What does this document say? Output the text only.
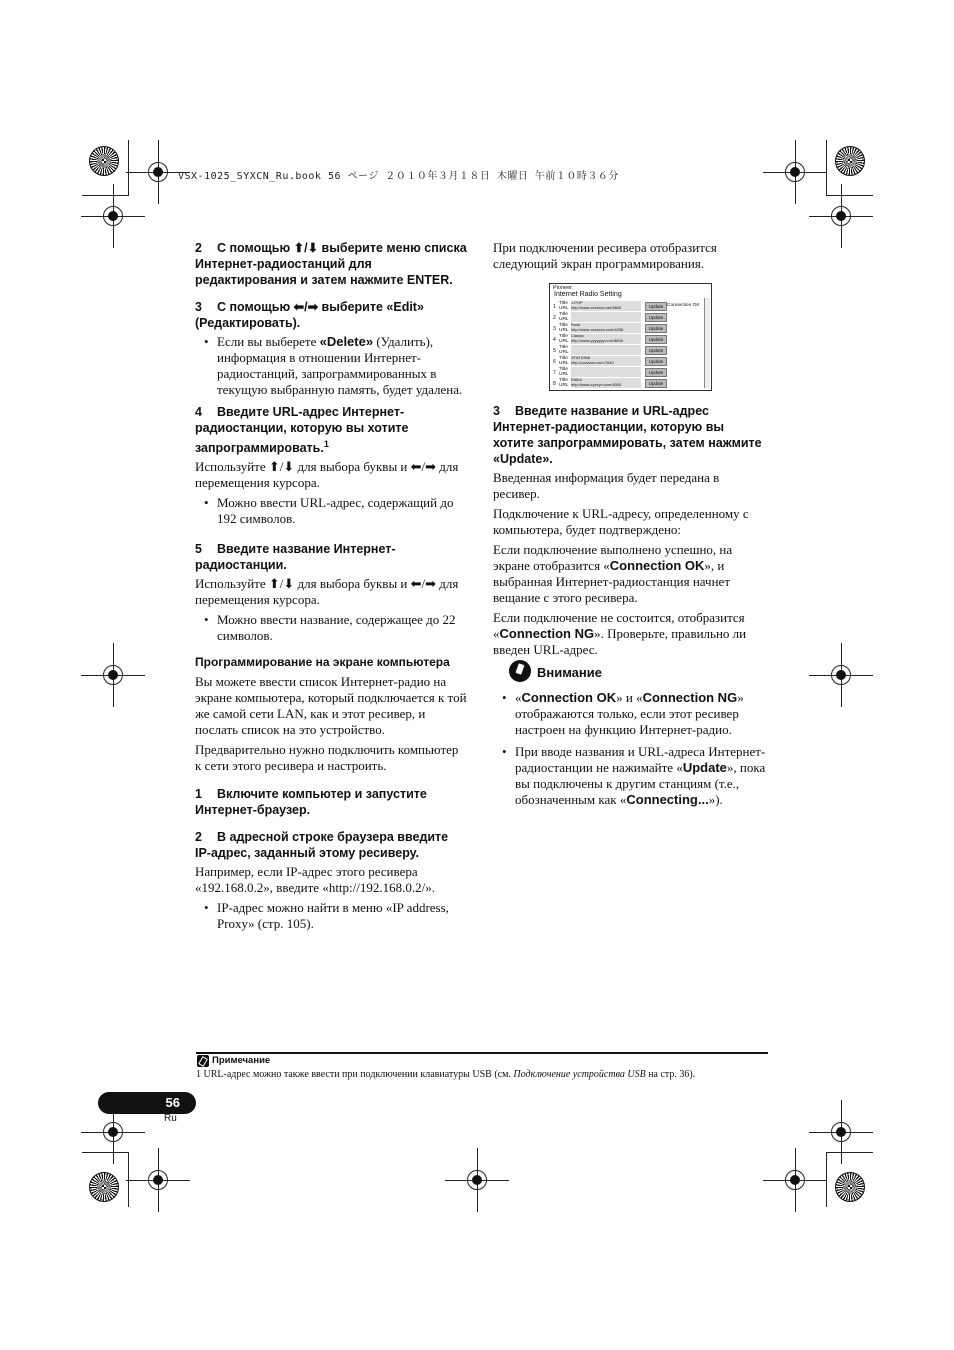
VSX-1025_SYXCN_Ru.book 56 ページ ２０１０年３月１８日 木曜日 午前１０時３６分
2 С помощью ⬆/⬇ выберите меню списка Интернет-радиостанций для редактирования и затем нажмите ENTER.
3 С помощью ⬅/➡ выберите «Edit» (Редактировать).
• Если вы выберете «Delete» (Удалить), информация в отношении Интернет-радиостанций, запрограммированных в текущую выбранную память, будет удалена.
4 Введите URL-адрес Интернет-радиостанции, которую вы хотите запрограммировать.$^1$
Используйте ⬆/⬇ для выбора буквы и ⬅/➡ для перемещения курсора.
• Можно ввести URL-адрес, содержащий до 192 символов.
5 Введите название Интернет-радиостанции.
Используйте ⬆/⬇ для выбора буквы и ⬅/➡ для перемещения курсора.
• Можно ввести название, содержащее до 22 символов.
Программирование на экране компьютера
Вы можете ввести список Интернет-радио на экране компьютера, который подключается к той же самой сети LAN, как и этот ресивер, и послать список на это устройство.
Предварительно нужно подключить компьютер к сети этого ресивера и настроить.
1 Включите компьютер и запустите Интернет-браузер.
2 В адресной строке браузера введите IP-адрес, заданный этому ресиверу.
Например, если IP-адрес этого ресивера «192.168.0.2», введите «http://192.168.0.2/».
• IP-адрес можно найти в меню «IP address, Proxy» (стр. 105).
При подключении ресивера отобразится следующий экран программирования.
Pioneer
Internet Radio Setting
1
Title
URL
J-POP
http://www.xxxxxxx.net:8600	Update Connection OK
2
Title
URL	Update
3
Title
URL
Rock
http://www.xxxxxxx.com:6096	Update
4
Title
URL
Classic
http://www.yyyyyyy.com:8600	Update
5
Title
URL	Update
6
Title
URL
STATION6
http://zzzzzzz.com:7640	Update
7
Title
URL	Update
8
Title
URL
ENKA
http://www.zyxzyx.com:8000	Update
3 Введите название и URL-адрес Интернет-радиостанции, которую вы хотите запрограммировать, затем нажмите «Update».
Введенная информация будет передана в ресивер.
Подключение к URL-адресу, определенному с компьютера, будет подтверждено:
Если подключение выполнено успешно, на экране отобразится «Connection OK», и выбранная Интернет-радиостанция начнет вещание с этого ресивера.
Если подключение не состоится, отобразится «Connection NG». Проверьте, правильно ли введен URL-адрес.
Внимание
• «Connection OK» и «Connection NG» отображаются только, если этот ресивер настроен на функцию Интернет-радио.
• При вводе названия и URL-адреса Интернет-радиостанции не нажимайте «Update», пока вы подключены к другим станциям (т.е., обозначенным как «Connecting...»).
Примечание
1 URL-адрес можно также ввести при подключении клавиатуры USB (см. Подключение устройства USB на стр. 36).
56
Ru
